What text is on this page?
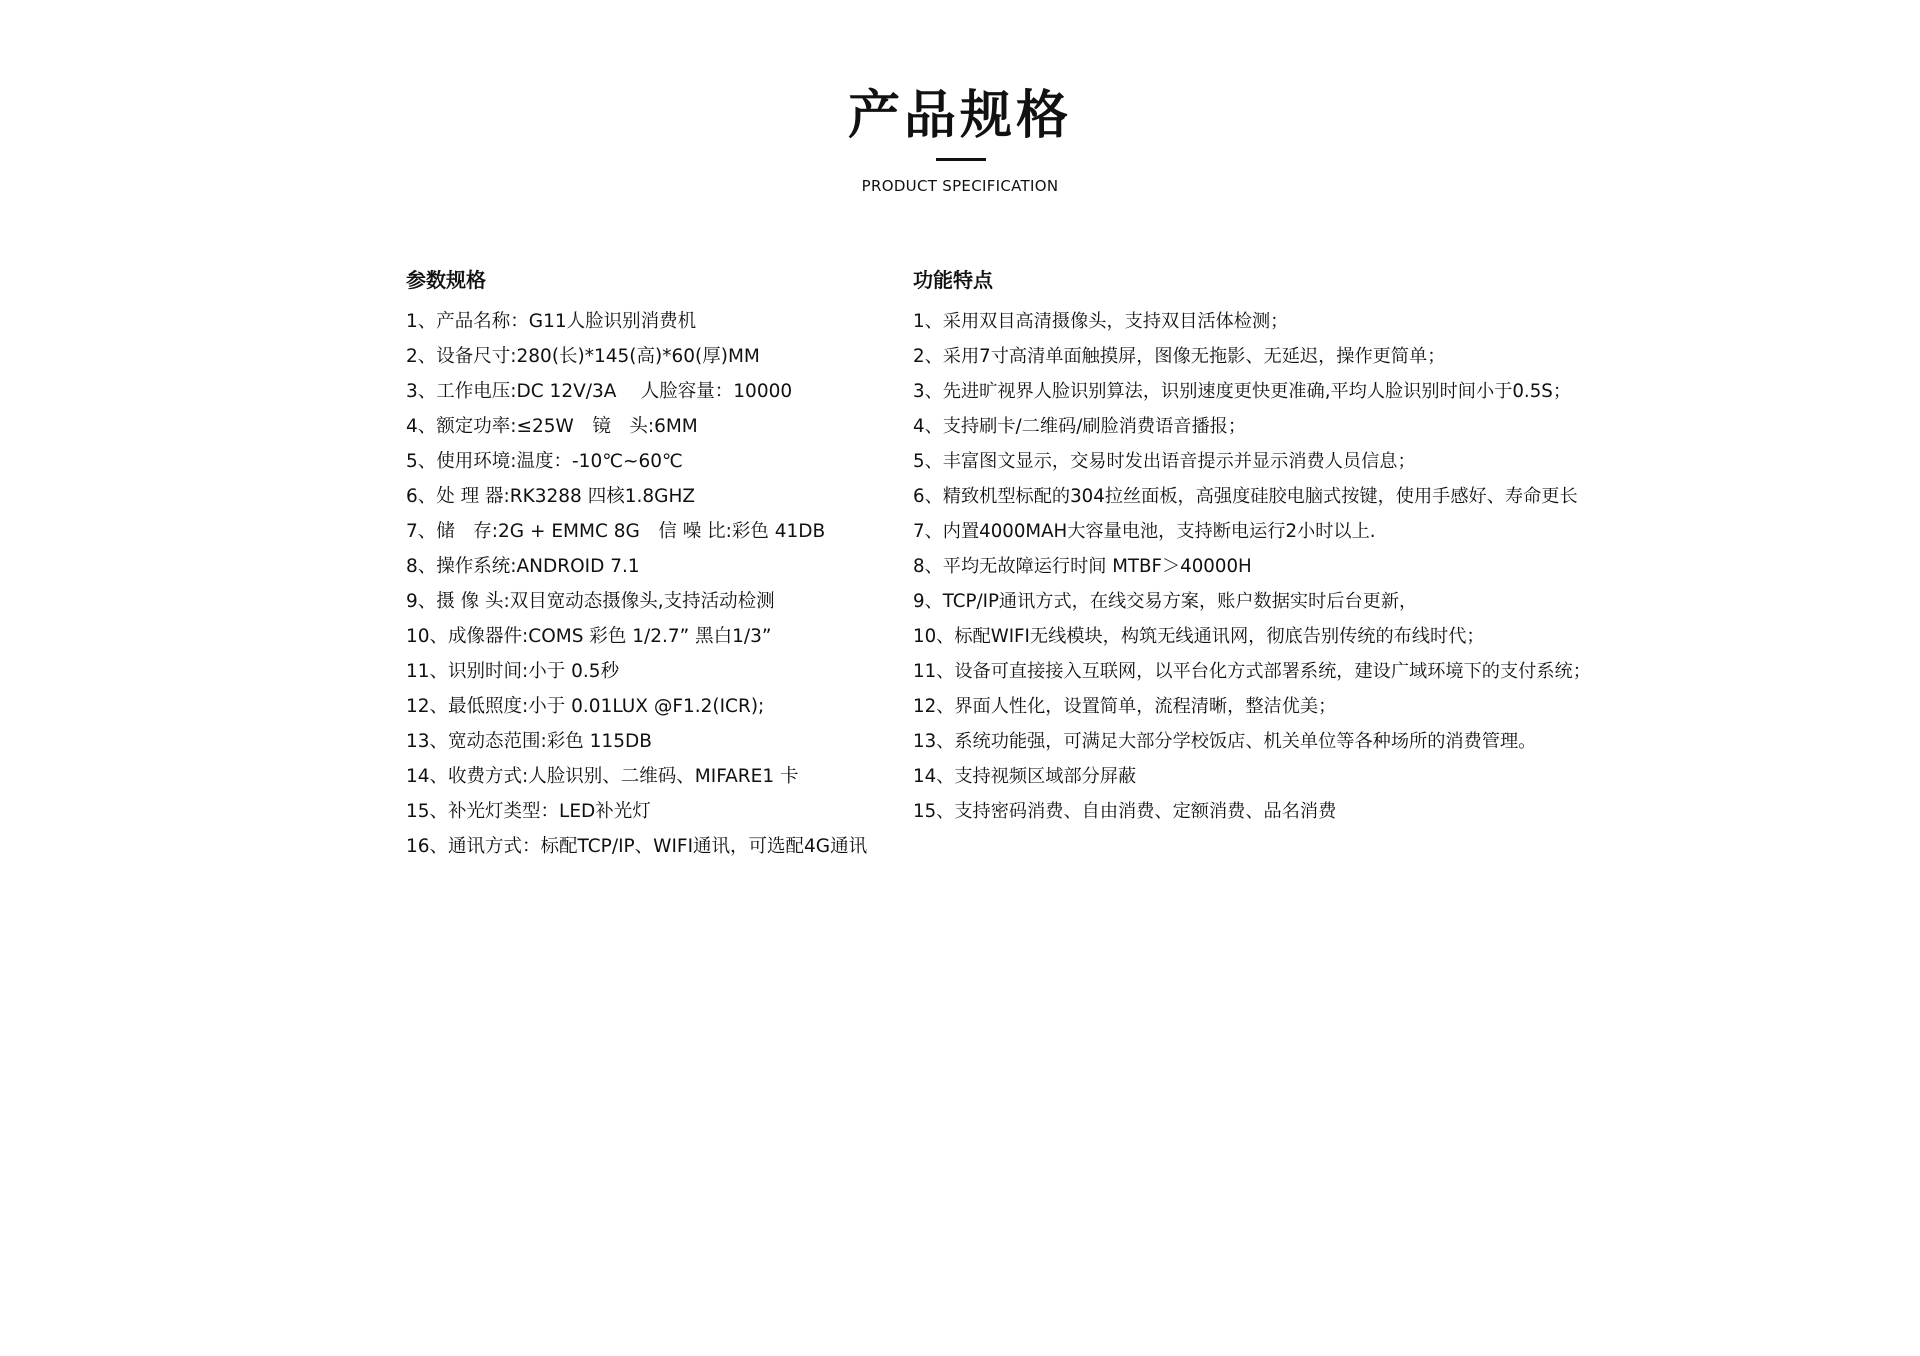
产品规格
PRODUCT SPECIFICATION
参数规格
1、产品名称：G11人脸识别消费机
2、设备尺寸:280(长)*145(高)*60(厚)MM
3、工作电压:DC 12V/3A　 人脸容量：10000
4、额定功率:≤25W　镜　头:6MM
5、使用环境:温度：-10℃~60℃
6、处 理 器:RK3288 四核1.8GHZ
7、储　存:2G + EMMC 8G　信 噪 比:彩色 41DB
8、操作系统:ANDROID 7.1
9、摄 像 头:双目宽动态摄像头,支持活动检测
10、成像器件:COMS 彩色 1/2.7” 黑白1/3”
11、识别时间:小于 0.5秒
12、最低照度:小于 0.01LUX @F1.2(ICR);
13、宽动态范围:彩色 115DB
14、收费方式:人脸识别、二维码、MIFARE1 卡
15、补光灯类型：LED补光灯
16、通讯方式：标配TCP/IP、WIFI通讯，可选配4G通讯
功能特点
1、采用双目高清摄像头，支持双目活体检测；
2、采用7寸高清单面触摸屏，图像无拖影、无延迟，操作更简单；
3、先进旷视界人脸识别算法，识别速度更快更准确,平均人脸识别时间小于0.5S；
4、支持刷卡/二维码/刷脸消费语音播报；
5、丰富图文显示，交易时发出语音提示并显示消费人员信息；
6、精致机型标配的304拉丝面板，高强度硅胶电脑式按键，使用手感好、寿命更长
7、内置4000MAH大容量电池，支持断电运行2小时以上.
8、平均无故障运行时间 MTBF＞40000H
9、TCP/IP通讯方式，在线交易方案，账户数据实时后台更新，
10、标配WIFI无线模块，构筑无线通讯网，彻底告别传统的布线时代；
11、设备可直接接入互联网，以平台化方式部署系统，建设广域环境下的支付系统；
12、界面人性化，设置简单，流程清晰，整洁优美；
13、系统功能强，可满足大部分学校饭店、机关单位等各种场所的消费管理。
14、支持视频区域部分屏蔽
15、支持密码消费、自由消费、定额消费、品名消费
